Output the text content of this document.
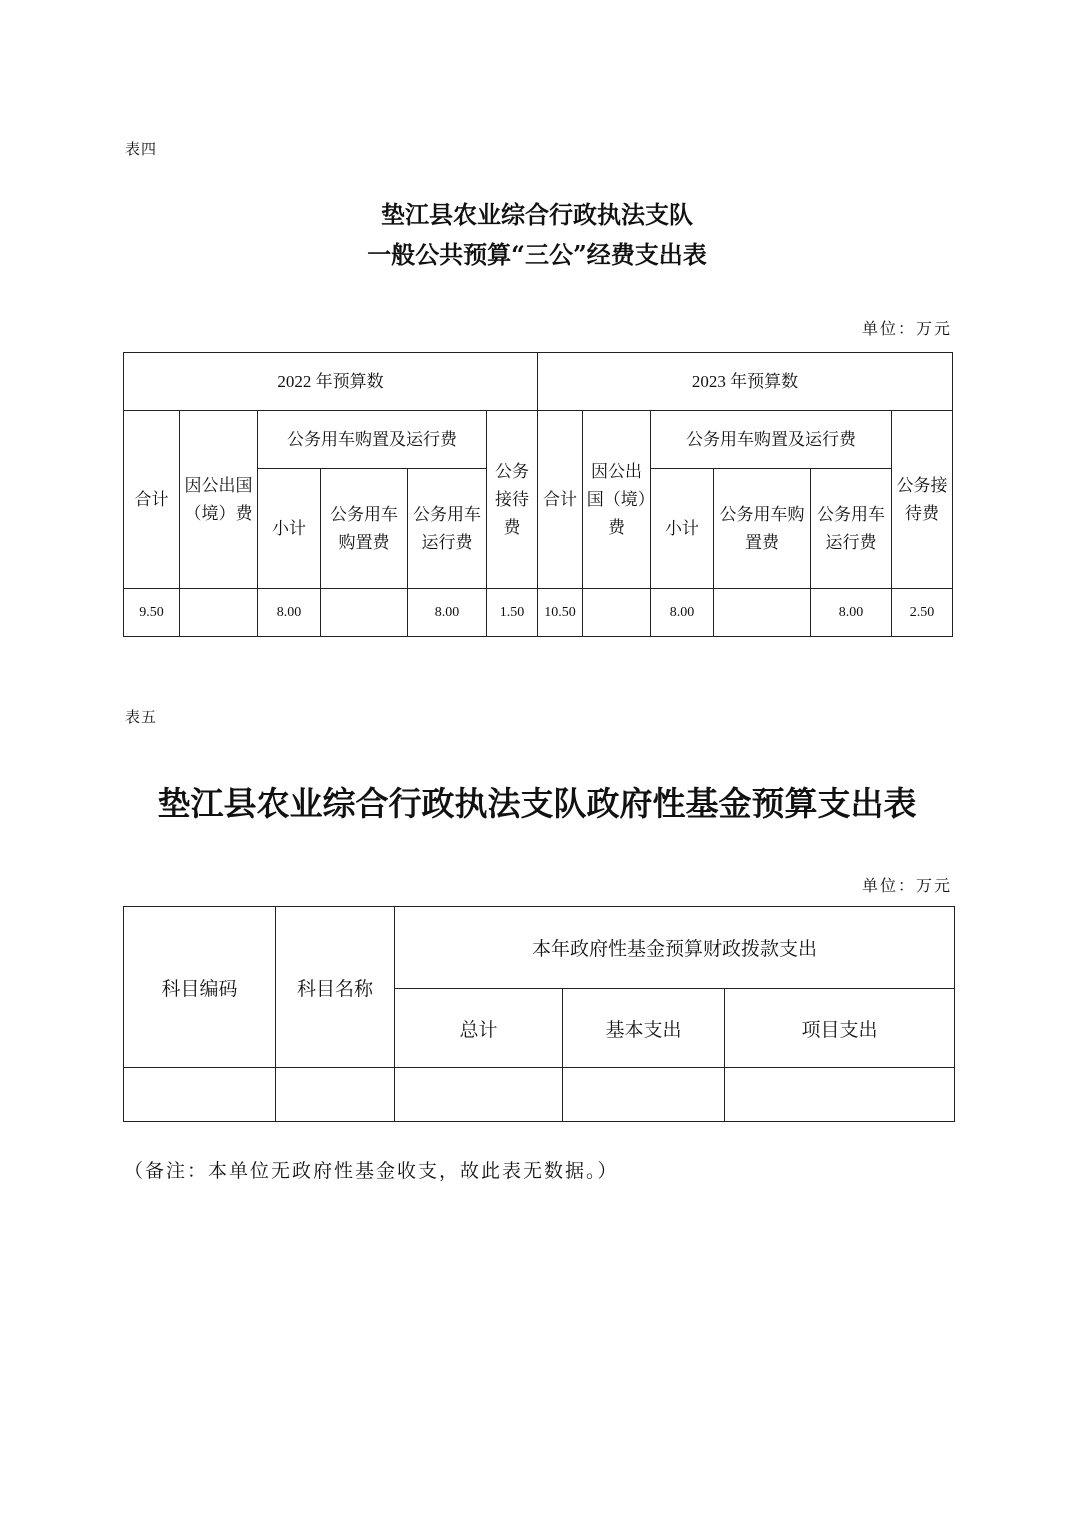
表四
垫江县农业综合行政执法支队
一般公共预算“三公”经费支出表
单位：万元
2022 年预算数						2023 年预算数					
合计	因公出国（境）费	公务用车购置及运行费			公务接待费	合计	因公出国（境）费	公务用车购置及运行费			公务接待费
		小计	公务用车购置费	公务用车运行费				小计	公务用车购置费	公务用车运行费	
9.50		8.00		8.00	1.50	10.50		8.00		8.00	2.50
表五
垫江县农业综合行政执法支队政府性基金预算支出表
单位：万元
科目编码	科目名称	本年政府性基金预算财政拨款支出		
		总计	基本支出	项目支出

（备注：本单位无政府性基金收支，故此表无数据。）
